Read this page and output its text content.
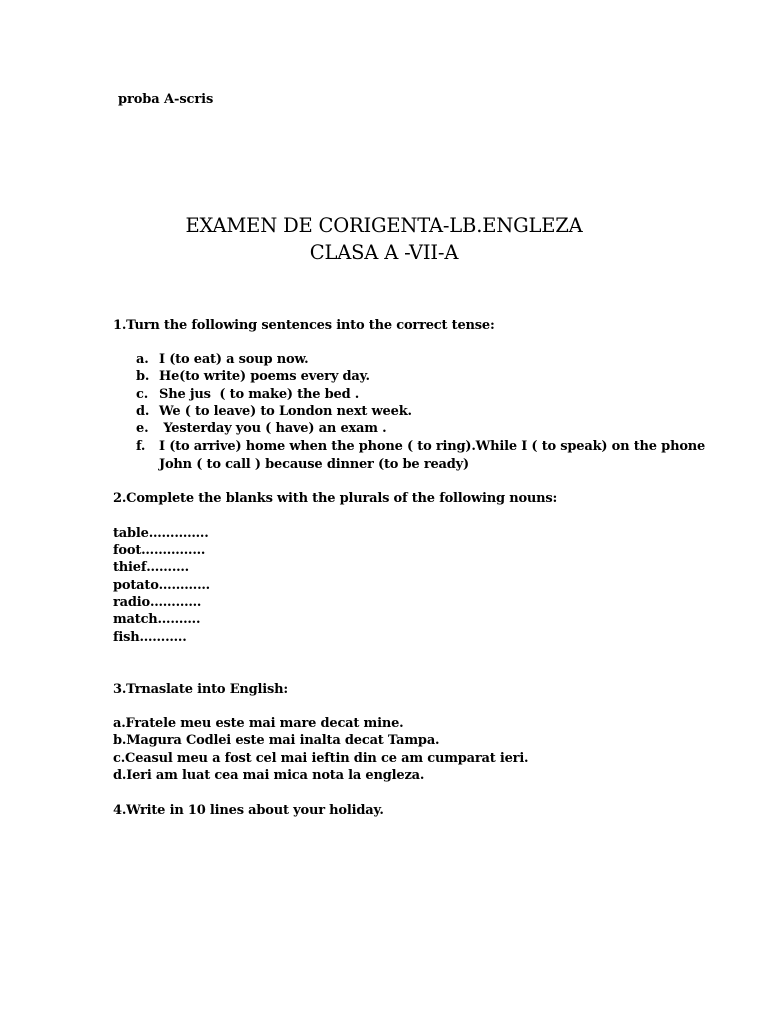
proba A-scris
EXAMEN DE CORIGENTA-LB.ENGLEZA
CLASA A -VII-A
1.Turn the following sentences into the correct tense:
a. I (to eat) a soup now.
b. He(to write) poems every day.
c. She jus  ( to make) the bed .
d. We ( to leave) to London next week.
e. Yesterday you ( have) an exam .
f. I (to arrive) home when the phone ( to ring).While I ( to speak) on the phone
John ( to call ) because dinner (to be ready)
2.Complete the blanks with the plurals of the following nouns:
table…………..
foot……………
thief……….
potato…………
radio…………
match……….
fish………..
3.Trnaslate into English:
a.Fratele meu este mai mare decat mine.
b.Magura Codlei este mai inalta decat Tampa.
c.Ceasul meu a fost cel mai ieftin din ce am cumparat ieri.
d.Ieri am luat cea mai mica nota la engleza.
4.Write in 10 lines about your holiday.
